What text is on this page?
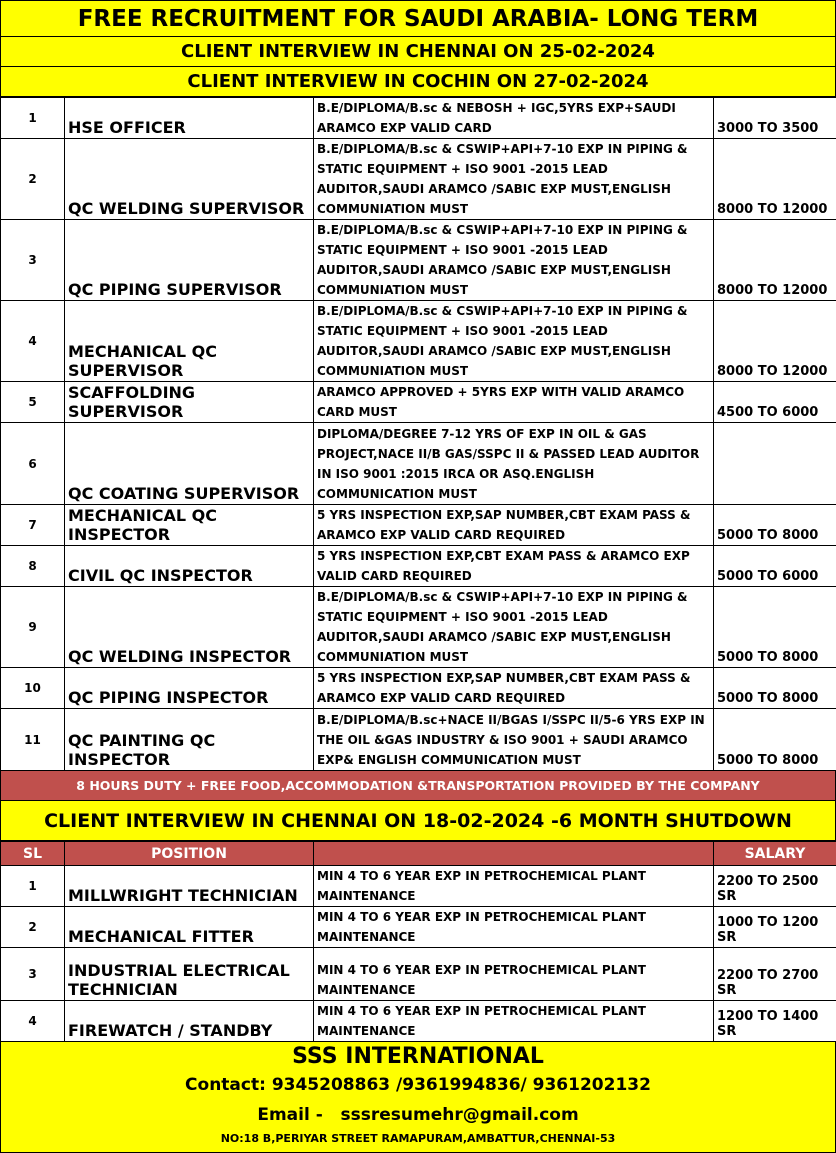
FREE RECRUITMENT FOR SAUDI ARABIA- LONG TERM
CLIENT INTERVIEW IN CHENNAI ON 25-02-2024
CLIENT INTERVIEW IN COCHIN ON 27-02-2024
1	HSE OFFICER	B.E/DIPLOMA/B.sc & NEBOSH + IGC,5YRS EXP+SAUDI ARAMCO EXP VALID CARD	3000 TO 3500
2	QC WELDING SUPERVISOR	B.E/DIPLOMA/B.sc & CSWIP+API+7-10 EXP IN PIPING & STATIC EQUIPMENT + ISO 9001 -2015 LEAD AUDITOR,SAUDI ARAMCO /SABIC EXP MUST,ENGLISH COMMUNIATION MUST	8000 TO 12000
3	QC PIPING SUPERVISOR	B.E/DIPLOMA/B.sc & CSWIP+API+7-10 EXP IN PIPING & STATIC EQUIPMENT + ISO 9001 -2015 LEAD AUDITOR,SAUDI ARAMCO /SABIC EXP MUST,ENGLISH COMMUNIATION MUST	8000 TO 12000
4	MECHANICAL QC SUPERVISOR	B.E/DIPLOMA/B.sc & CSWIP+API+7-10 EXP IN PIPING & STATIC EQUIPMENT + ISO 9001 -2015 LEAD AUDITOR,SAUDI ARAMCO /SABIC EXP MUST,ENGLISH COMMUNIATION MUST	8000 TO 12000
5	SCAFFOLDING SUPERVISOR	ARAMCO APPROVED + 5YRS EXP WITH VALID ARAMCO CARD MUST	4500 TO 6000
6	QC COATING SUPERVISOR	DIPLOMA/DEGREE 7-12 YRS OF EXP IN OIL & GAS PROJECT,NACE II/B GAS/SSPC II & PASSED LEAD AUDITOR IN ISO 9001 :2015 IRCA OR ASQ.ENGLISH COMMUNICATION MUST	
7	MECHANICAL QC INSPECTOR	5 YRS INSPECTION EXP,SAP NUMBER,CBT EXAM PASS & ARAMCO EXP VALID CARD REQUIRED	5000 TO 8000
8	CIVIL QC INSPECTOR	5 YRS INSPECTION EXP,CBT EXAM PASS & ARAMCO EXP VALID CARD REQUIRED	5000 TO 6000
9	QC WELDING INSPECTOR	B.E/DIPLOMA/B.sc & CSWIP+API+7-10 EXP IN PIPING & STATIC EQUIPMENT + ISO 9001 -2015 LEAD AUDITOR,SAUDI ARAMCO /SABIC EXP MUST,ENGLISH COMMUNIATION MUST	5000 TO 8000
10	QC PIPING INSPECTOR	5 YRS INSPECTION EXP,SAP NUMBER,CBT EXAM PASS & ARAMCO EXP VALID CARD REQUIRED	5000 TO 8000
11	QC PAINTING QC INSPECTOR	B.E/DIPLOMA/B.sc+NACE II/BGAS I/SSPC II/5-6 YRS EXP IN THE OIL &GAS INDUSTRY & ISO 9001 + SAUDI ARAMCO EXP& ENGLISH COMMUNICATION MUST	5000 TO 8000
8 HOURS DUTY + FREE FOOD,ACCOMMODATION &TRANSPORTATION PROVIDED BY THE COMPANY
CLIENT INTERVIEW IN CHENNAI ON 18-02-2024 -6 MONTH SHUTDOWN
SL	POSITION		SALARY
1	MILLWRIGHT TECHNICIAN	MIN 4 TO 6 YEAR EXP IN PETROCHEMICAL PLANT MAINTENANCE	2200 TO 2500 SR
2	MECHANICAL FITTER	MIN 4 TO 6 YEAR EXP IN PETROCHEMICAL PLANT MAINTENANCE	1000 TO 1200 SR
3	INDUSTRIAL ELECTRICAL TECHNICIAN	MIN 4 TO 6 YEAR EXP IN PETROCHEMICAL PLANT MAINTENANCE	2200 TO 2700 SR
4	FIREWATCH / STANDBY	MIN 4 TO 6 YEAR EXP IN PETROCHEMICAL PLANT MAINTENANCE	1200 TO 1400 SR
SSS INTERNATIONAL
Contact: 9345208863 /9361994836/ 9361202132
Email -   sssresumehr@gmail.com
NO:18 B,PERIYAR STREET RAMAPURAM,AMBATTUR,CHENNAI-53
